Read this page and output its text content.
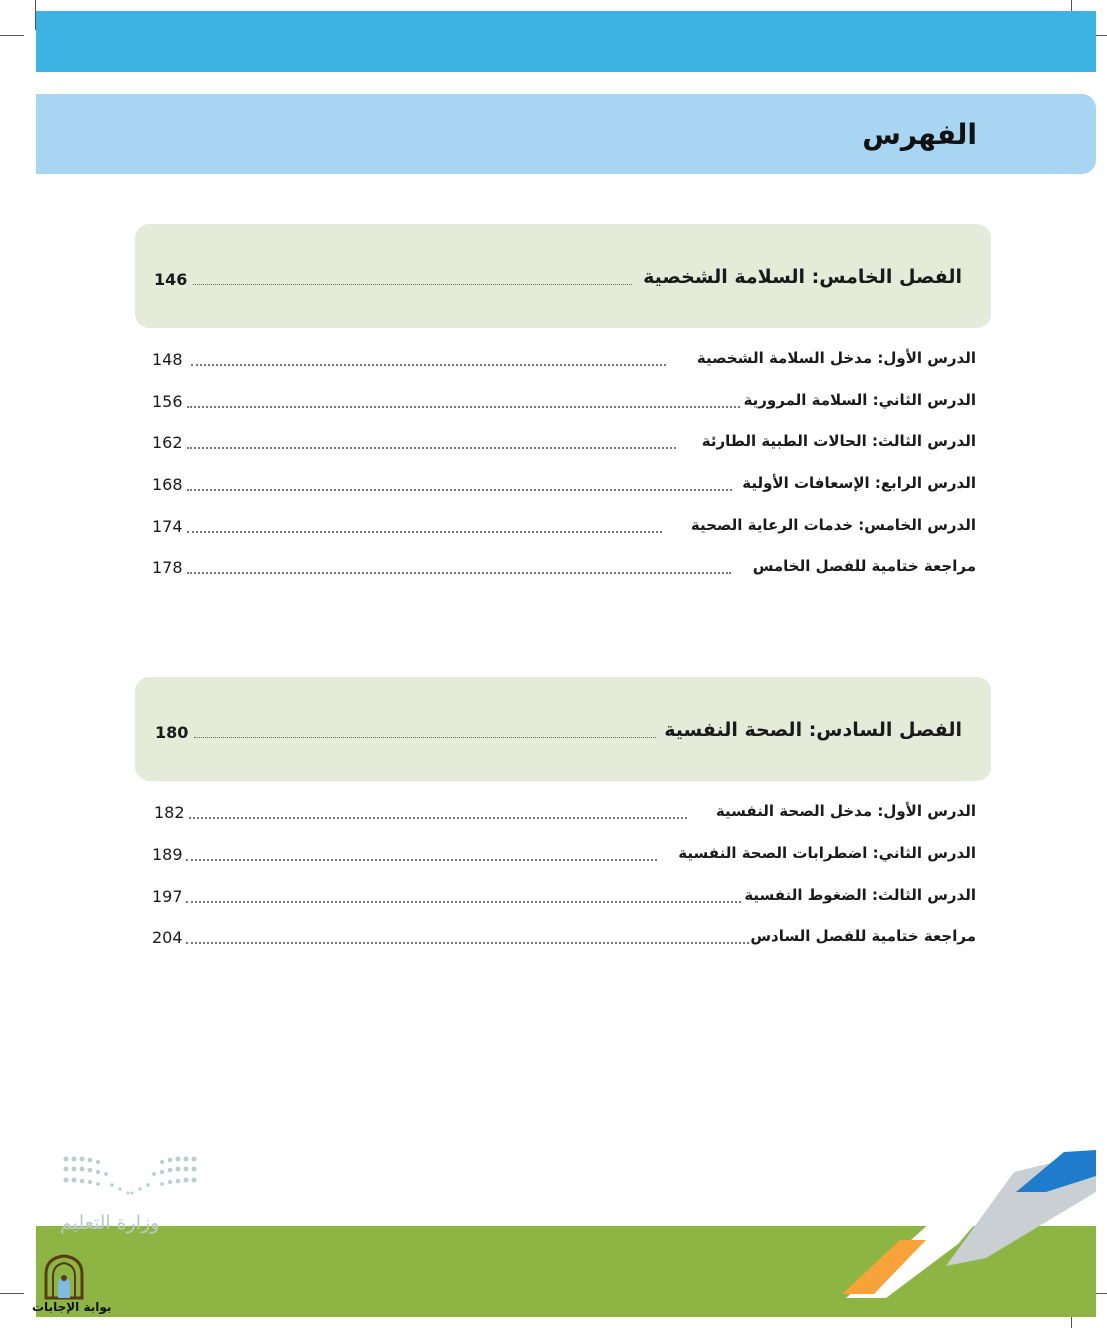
الفهرس
الفصل الخامس: السلامة الشخصية
146
الدرس الأول: مدخل السلامة الشخصية
148
الدرس الثاني: السلامة المرورية
156
الدرس الثالث: الحالات الطبية الطارئة
162
الدرس الرابع: الإسعافات الأولية
168
الدرس الخامس: خدمات الرعاية الصحية
174
مراجعة ختامية للفصل الخامس
178
الفصل السادس: الصحة النفسية
180
الدرس الأول: مدخل الصحة النفسية
182
الدرس الثاني: اضطرابات الصحة النفسية
189
الدرس الثالث: الضغوط النفسية
197
مراجعة ختامية للفصل السادس
204
وزارة التعليم
بوابة الإجابات
